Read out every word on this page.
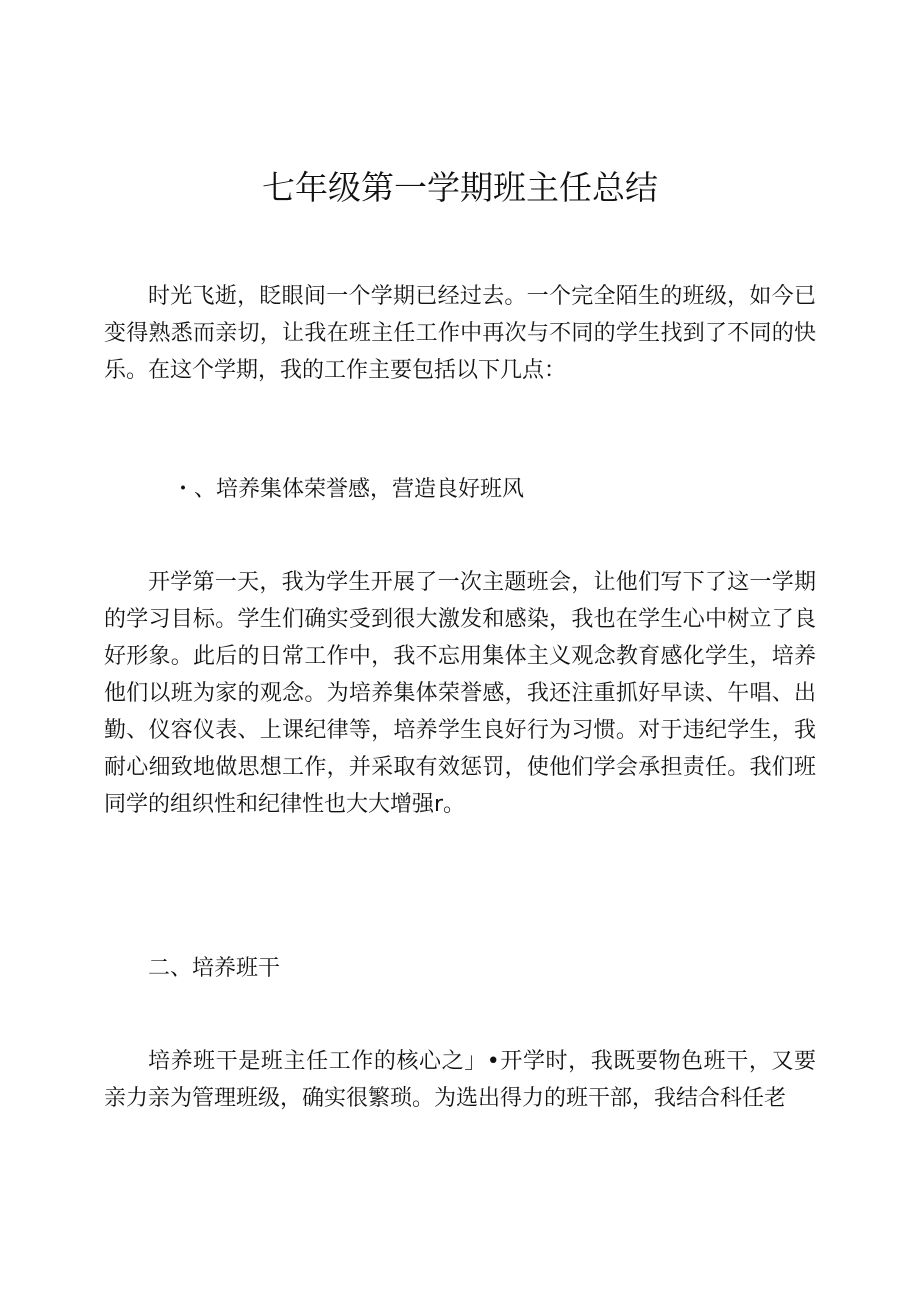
七年级第一学期班主任总结

时光飞逝，眨眼间一个学期已经过去。一个完全陌生的班级，如今已变得熟悉而亲切，让我在班主任工作中再次与不同的学生找到了不同的快乐。在这个学期，我的工作主要包括以下几点：

・、培养集体荣誉感，营造良好班风

开学第一天，我为学生开展了一次主题班会，让他们写下了这一学期的学习目标。学生们确实受到很大激发和感染，我也在学生心中树立了良好形象。此后的日常工作中，我不忘用集体主义观念教育感化学生，培养他们以班为家的观念。为培养集体荣誉感，我还注重抓好早读、午唱、出勤、仪容仪表、上课纪律等，培养学生良好行为习惯。对于违纪学生，我耐心细致地做思想工作，并采取有效惩罚，使他们学会承担责任。我们班同学的组织性和纪律性也大大增强r。

二、培养班干

培养班干是班主任工作的核心之」•开学时，我既要物色班干，又要亲力亲为管理班级，确实很繁琐。为选出得力的班干部，我结合科任老
